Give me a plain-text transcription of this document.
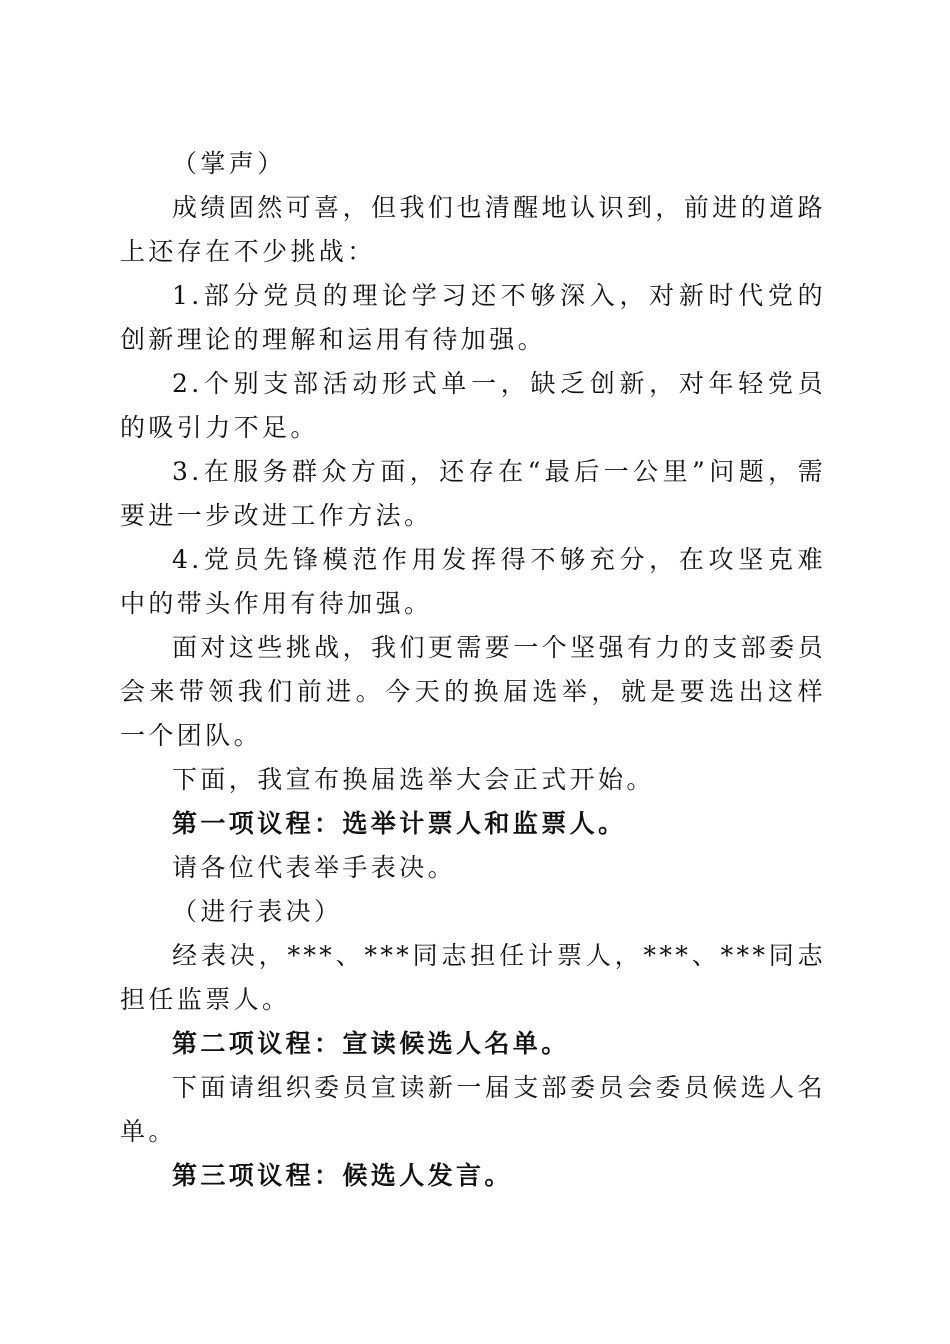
（掌声）

成绩固然可喜，但我们也清醒地认识到，前进的道路上还存在不少挑战：

1.部分党员的理论学习还不够深入，对新时代党的创新理论的理解和运用有待加强。

2.个别支部活动形式单一，缺乏创新，对年轻党员的吸引力不足。

3.在服务群众方面，还存在“最后一公里”问题，需要进一步改进工作方法。

4.党员先锋模范作用发挥得不够充分，在攻坚克难中的带头作用有待加强。

面对这些挑战，我们更需要一个坚强有力的支部委员会来带领我们前进。今天的换届选举，就是要选出这样一个团队。

下面，我宣布换届选举大会正式开始。

第一项议程：选举计票人和监票人。

请各位代表举手表决。

（进行表决）

经表决，***、***同志担任计票人，***、***同志担任监票人。

第二项议程：宣读候选人名单。

下面请组织委员宣读新一届支部委员会委员候选人名单。

第三项议程：候选人发言。
